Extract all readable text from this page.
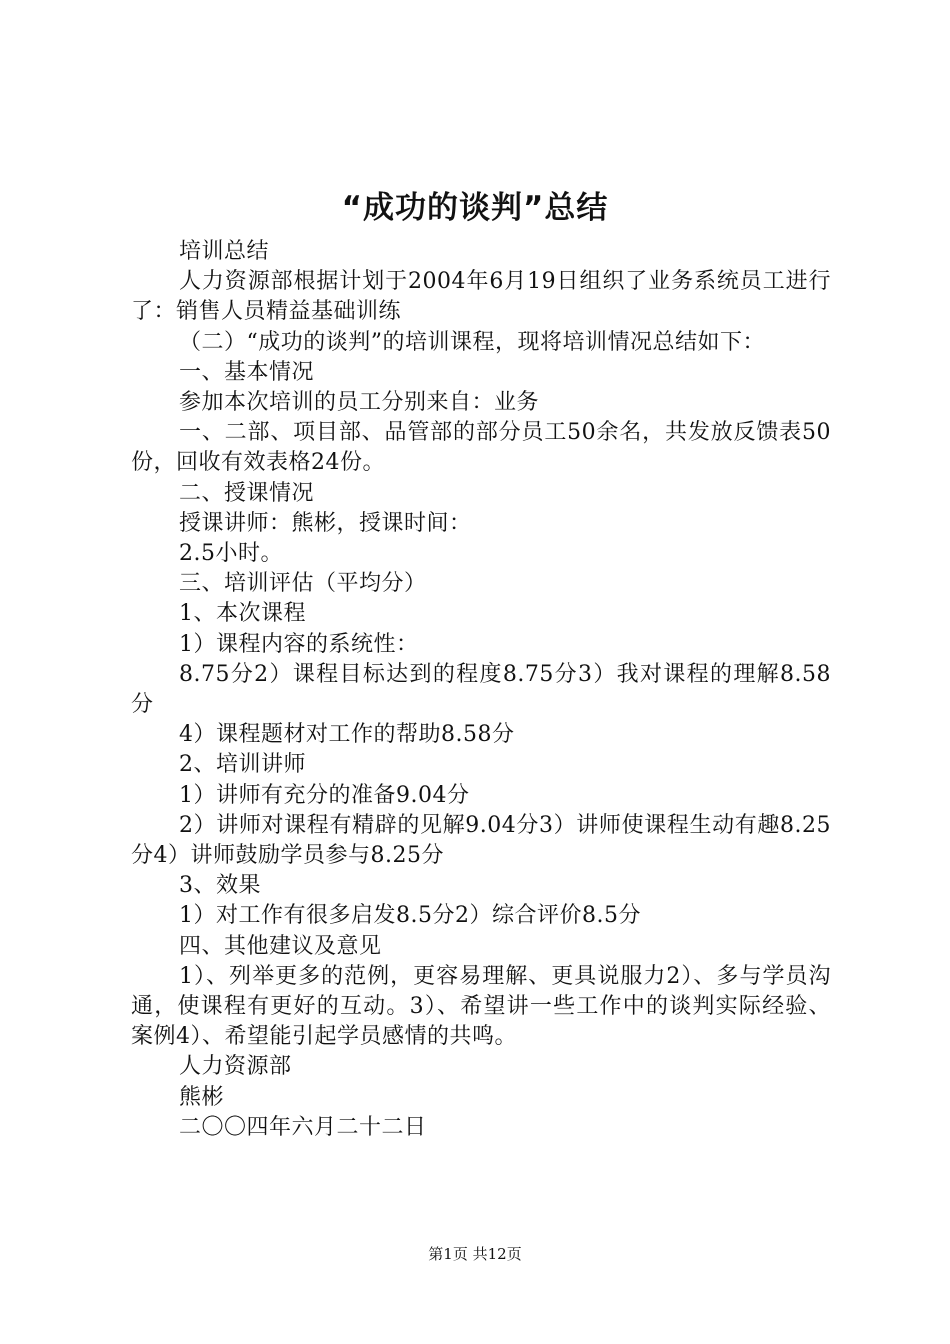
“成功的谈判”总结

培训总结

人力资源部根据计划于2004年6月19日组织了业务系统员工进行了：销售人员精益基础训练

（二）“成功的谈判”的培训课程，现将培训情况总结如下：

一、基本情况

参加本次培训的员工分别来自：业务

一、二部、项目部、品管部的部分员工50余名，共发放反馈表50份，回收有效表格24份。

二、授课情况

授课讲师：熊彬，授课时间：

2.5小时。

三、培训评估（平均分）

1、本次课程

1）课程内容的系统性：

8.75分2）课程目标达到的程度8.75分3）我对课程的理解8.58分

4）课程题材对工作的帮助8.58分

2、培训讲师

1）讲师有充分的准备9.04分

2）讲师对课程有精辟的见解9.04分3）讲师使课程生动有趣8.25分4）讲师鼓励学员参与8.25分

3、效果

1）对工作有很多启发8.5分2）综合评价8.5分

四、其他建议及意见

1）、列举更多的范例，更容易理解、更具说服力2）、多与学员沟通，使课程有更好的互动。3）、希望讲一些工作中的谈判实际经验、案例4）、希望能引起学员感情的共鸣。

人力资源部

熊彬

二〇〇四年六月二十二日

第1页 共12页
